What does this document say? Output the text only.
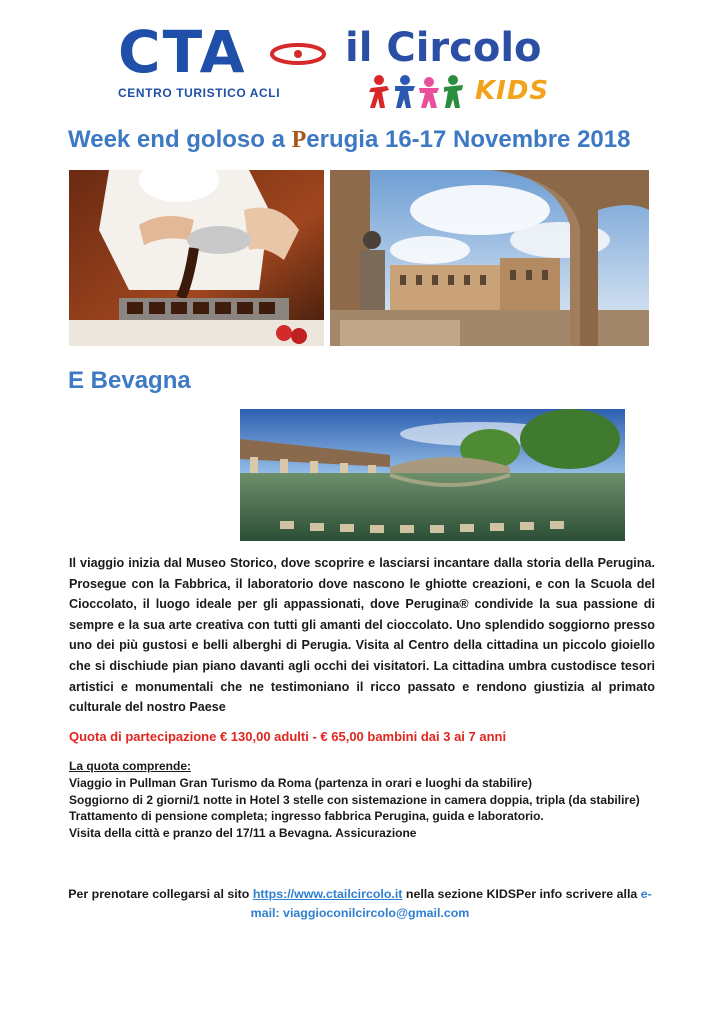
CTA
CENTRO TURISTICO ACLI
il Circolo
KIDS
Week end goloso a Perugia 16-17 Novembre 2018
E Bevagna
Il viaggio inizia dal Museo Storico, dove scoprire e lasciarsi incantare dalla storia della Perugina. Prosegue con la Fabbrica, il laboratorio dove nascono le ghiotte creazioni, e con la Scuola del Cioccolato, il luogo ideale per gli appassionati, dove Perugina® condivide la sua passione di sempre e la sua arte creativa con tutti gli amanti del cioccolato. Uno splendido soggiorno presso uno dei più gustosi e belli alberghi di Perugia. Visita al Centro della cittadina un piccolo gioiello che si dischiude pian piano davanti agli occhi dei visitatori. La cittadina umbra custodisce tesori artistici e monumentali che ne testimoniano il ricco passato e rendono giustizia al primato culturale del nostro Paese
Quota di partecipazione € 130,00 adulti - € 65,00 bambini dai 3 ai 7 anni
La quota comprende:
Viaggio in Pullman Gran Turismo da Roma (partenza in orari e luoghi da stabilire)
Soggiorno di 2 giorni/1 notte in Hotel 3 stelle con sistemazione in camera doppia, tripla (da stabilire)
Trattamento di pensione completa; ingresso fabbrica Perugina, guida e laboratorio.
Visita della città e pranzo del 17/11 a Bevagna. Assicurazione
Per prenotare collegarsi al sito https://www.ctailcircolo.it nella sezione KIDSPer info scrivere alla e-mail: viaggioconilcircolo@gmail.com
